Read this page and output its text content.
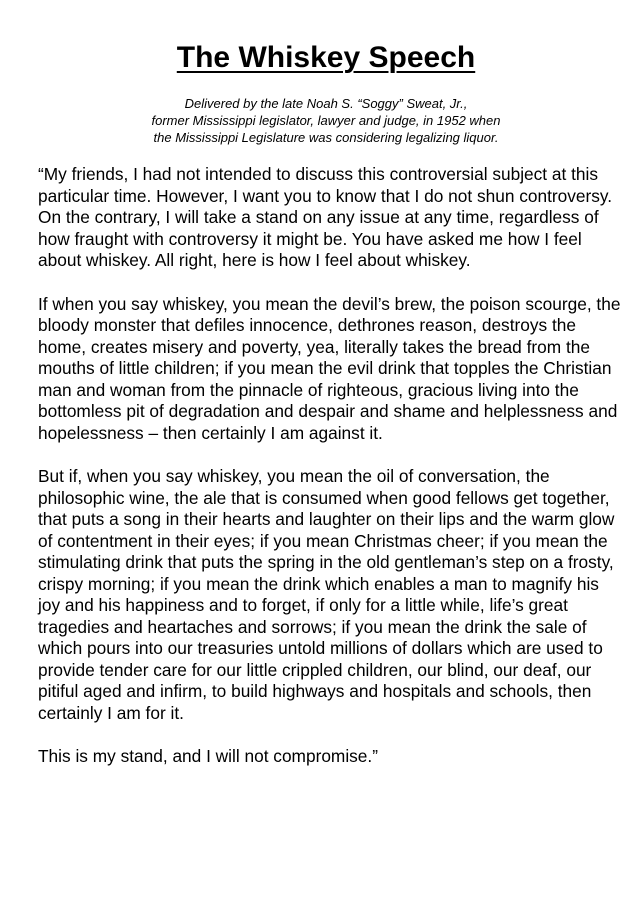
The Whiskey Speech
Delivered by the late Noah S. “Soggy” Sweat, Jr.,
former Mississippi legislator, lawyer and judge, in 1952 when
the Mississippi Legislature was considering legalizing liquor.

“My friends, I had not intended to discuss this controversial subject at this particular time. However, I want you to know that I do not shun controversy. On the contrary, I will take a stand on any issue at any time, regardless of how fraught with controversy it might be. You have asked me how I feel about whiskey. All right, here is how I feel about whiskey.

If when you say whiskey, you mean the devil’s brew, the poison scourge, the bloody monster that defiles innocence, dethrones reason, destroys the home, creates misery and poverty, yea, literally takes the bread from the mouths of little children; if you mean the evil drink that topples the Christian man and woman from the pinnacle of righteous, gracious living into the bottomless pit of degradation and despair and shame and helplessness and hopelessness – then certainly I am against it.

But if, when you say whiskey, you mean the oil of conversation, the philosophic wine, the ale that is consumed when good fellows get together, that puts a song in their hearts and laughter on their lips and the warm glow of contentment in their eyes; if you mean Christmas cheer; if you mean the stimulating drink that puts the spring in the old gentleman’s step on a frosty, crispy morning; if you mean the drink which enables a man to magnify his joy and his happiness and to forget, if only for a little while, life’s great tragedies and heartaches and sorrows; if you mean the drink the sale of which pours into our treasuries untold millions of dollars which are used to provide tender care for our little crippled children, our blind, our deaf, our pitiful aged and infirm, to build highways and hospitals and schools, then certainly I am for it.

This is my stand, and I will not compromise.”
